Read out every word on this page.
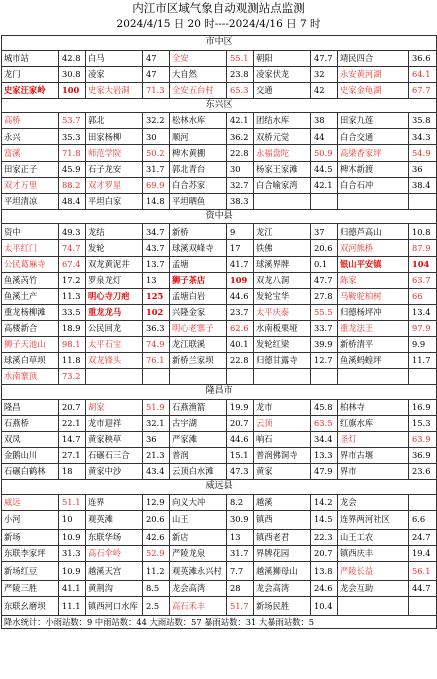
内江市区域气象自动观测站点监测
2024/4/15 日 20 时----2024/4/16 日 7 时
市中区									
城市站	42.8	白马	47	全安	55.1	朝阳	47.7	靖民四合	36.6
龙门	30.8	凌家	47	大自然	23.8	凌家伏龙	32	永安黄河湖	64.1
史家汪家岭	100	史家大岩洞	71.3	全安五台村	65.3	交通	42	史家金龟湖	67.7
东兴区									
高桥	53.7	郭北	32.2	松林水库	42.1	团结水库	38	田家九莲	35.8
永兴	35.3	田家杨柳	30	顺河	36.2	双桥元觉	44	白合交通	34.3
富溪	71.8	师范学院	50.2	椑木黄棚	22.8	永福盘陀	50.9	高梁香家坪	54.9
田家正子	45.9	石子龙安	31.7	郭北青台	30	杨家王家滩	44.5	椑木新渡	36
双才万里	88.2	双才罗星	69.9	白合苏家	32.7	白合喻家湾	42.1	白合石冲	38.4
平坦清凉	48.4	平坦白家	14.8	平坦晒鱼	38.3				
资中县									
资中	49.3	龙结	34.7	新桥	9	龙江	37	归德芦高山	10.8
太平红门	74.7	发轮	43.7	球溪双峰寺	17	铁佛	20.6	双河熊桥	87.9
公民葛麻寺	67.4	双龙黄泥井	13.7	孟塘	41.7	球溪界牌	0.1	银山平安镇	104
鱼溪芮竹	17.2	罗泉龙灯	13	狮子茶店	109	双龙八洞	47.7	陈家	63.7
鱼溪土产	11.3	明心寺刀疤	125	孟塘白岩	44.6	发轮宝华	27.8	马鞍驼柏树	66
重龙杨柳滩	33.5	重龙龙马	102	兴隆金家	23.7	太平庆泰	55.5	归德杨坪冲	13.4
高楼新合	18.9	公民回龙	36.3	明心老寨子	62.6	水南板栗垭	33.7	重龙法王	97.9
狮子天池山	98.1	太平石宝	74.9	龙江联溪	40.1	发轮红梁	39.9	新桥清平	9.9
球溪白草坝	11.8	双龙锋头	76.1	新桥兰家坝	22.8	归德甘露寺	12.7	鱼溪蚂蝗坪	11.7
水南寨顶	73.2								
隆昌市									
隆昌	20.7	胡家	51.9	石燕渔箭	19.9	龙市	45.8	柏林寺	16.9
石燕桥	22.1	龙市迎祥	32.1	古宇湖	20.7	云顶	63.5	红旗水库	15.3
双凤	14.7	黄家秧草	36	严家滩	44.6	响石	34.4	圣灯	63.9
金鹅山川	27.1	石碾石三合	21.3	普润	15.1	普润佛洞寺	13.3	界市古堰	36.9
石碾白鹤林	18	黄家中沙	43.4	云顶白水滩	47.3	黄家	47.9	界市	23.6
威远县									
威远	51.1	连界	12.9	向义大冲	8.2	越溪	14.2	龙会	
小河	10	观英滩	20.6	山王	30.9	镇西	14.5	连界两河社区	6.6
新场	10.9	东联华场	42.6	新店	13	镇西老君	22.3	山王工农	24.7
东联李家坪	31.3	高石伞岭	52.9	严陵龙泉	31.7	界牌花园	20.7	镇西庆丰	19.4
新场红豆	10.9	越溪天宫	11.2	观英滩永兴村	7.7	越溪狮母山	13.8	严陵长益	56.1
严陵三胜	41.1	黄荆沟	8.5	龙会高湾	28	龙会高湾	24.6	龙会互助	44.7
东联幺磨坝	11.1	镇西河口水库	2.5	高石禾丰	51.7	新场民胜	10.4		
降水统计：小雨站数：9 中雨站数：44 大雨站数：57 暴雨站数：31 大暴雨站数：5									
